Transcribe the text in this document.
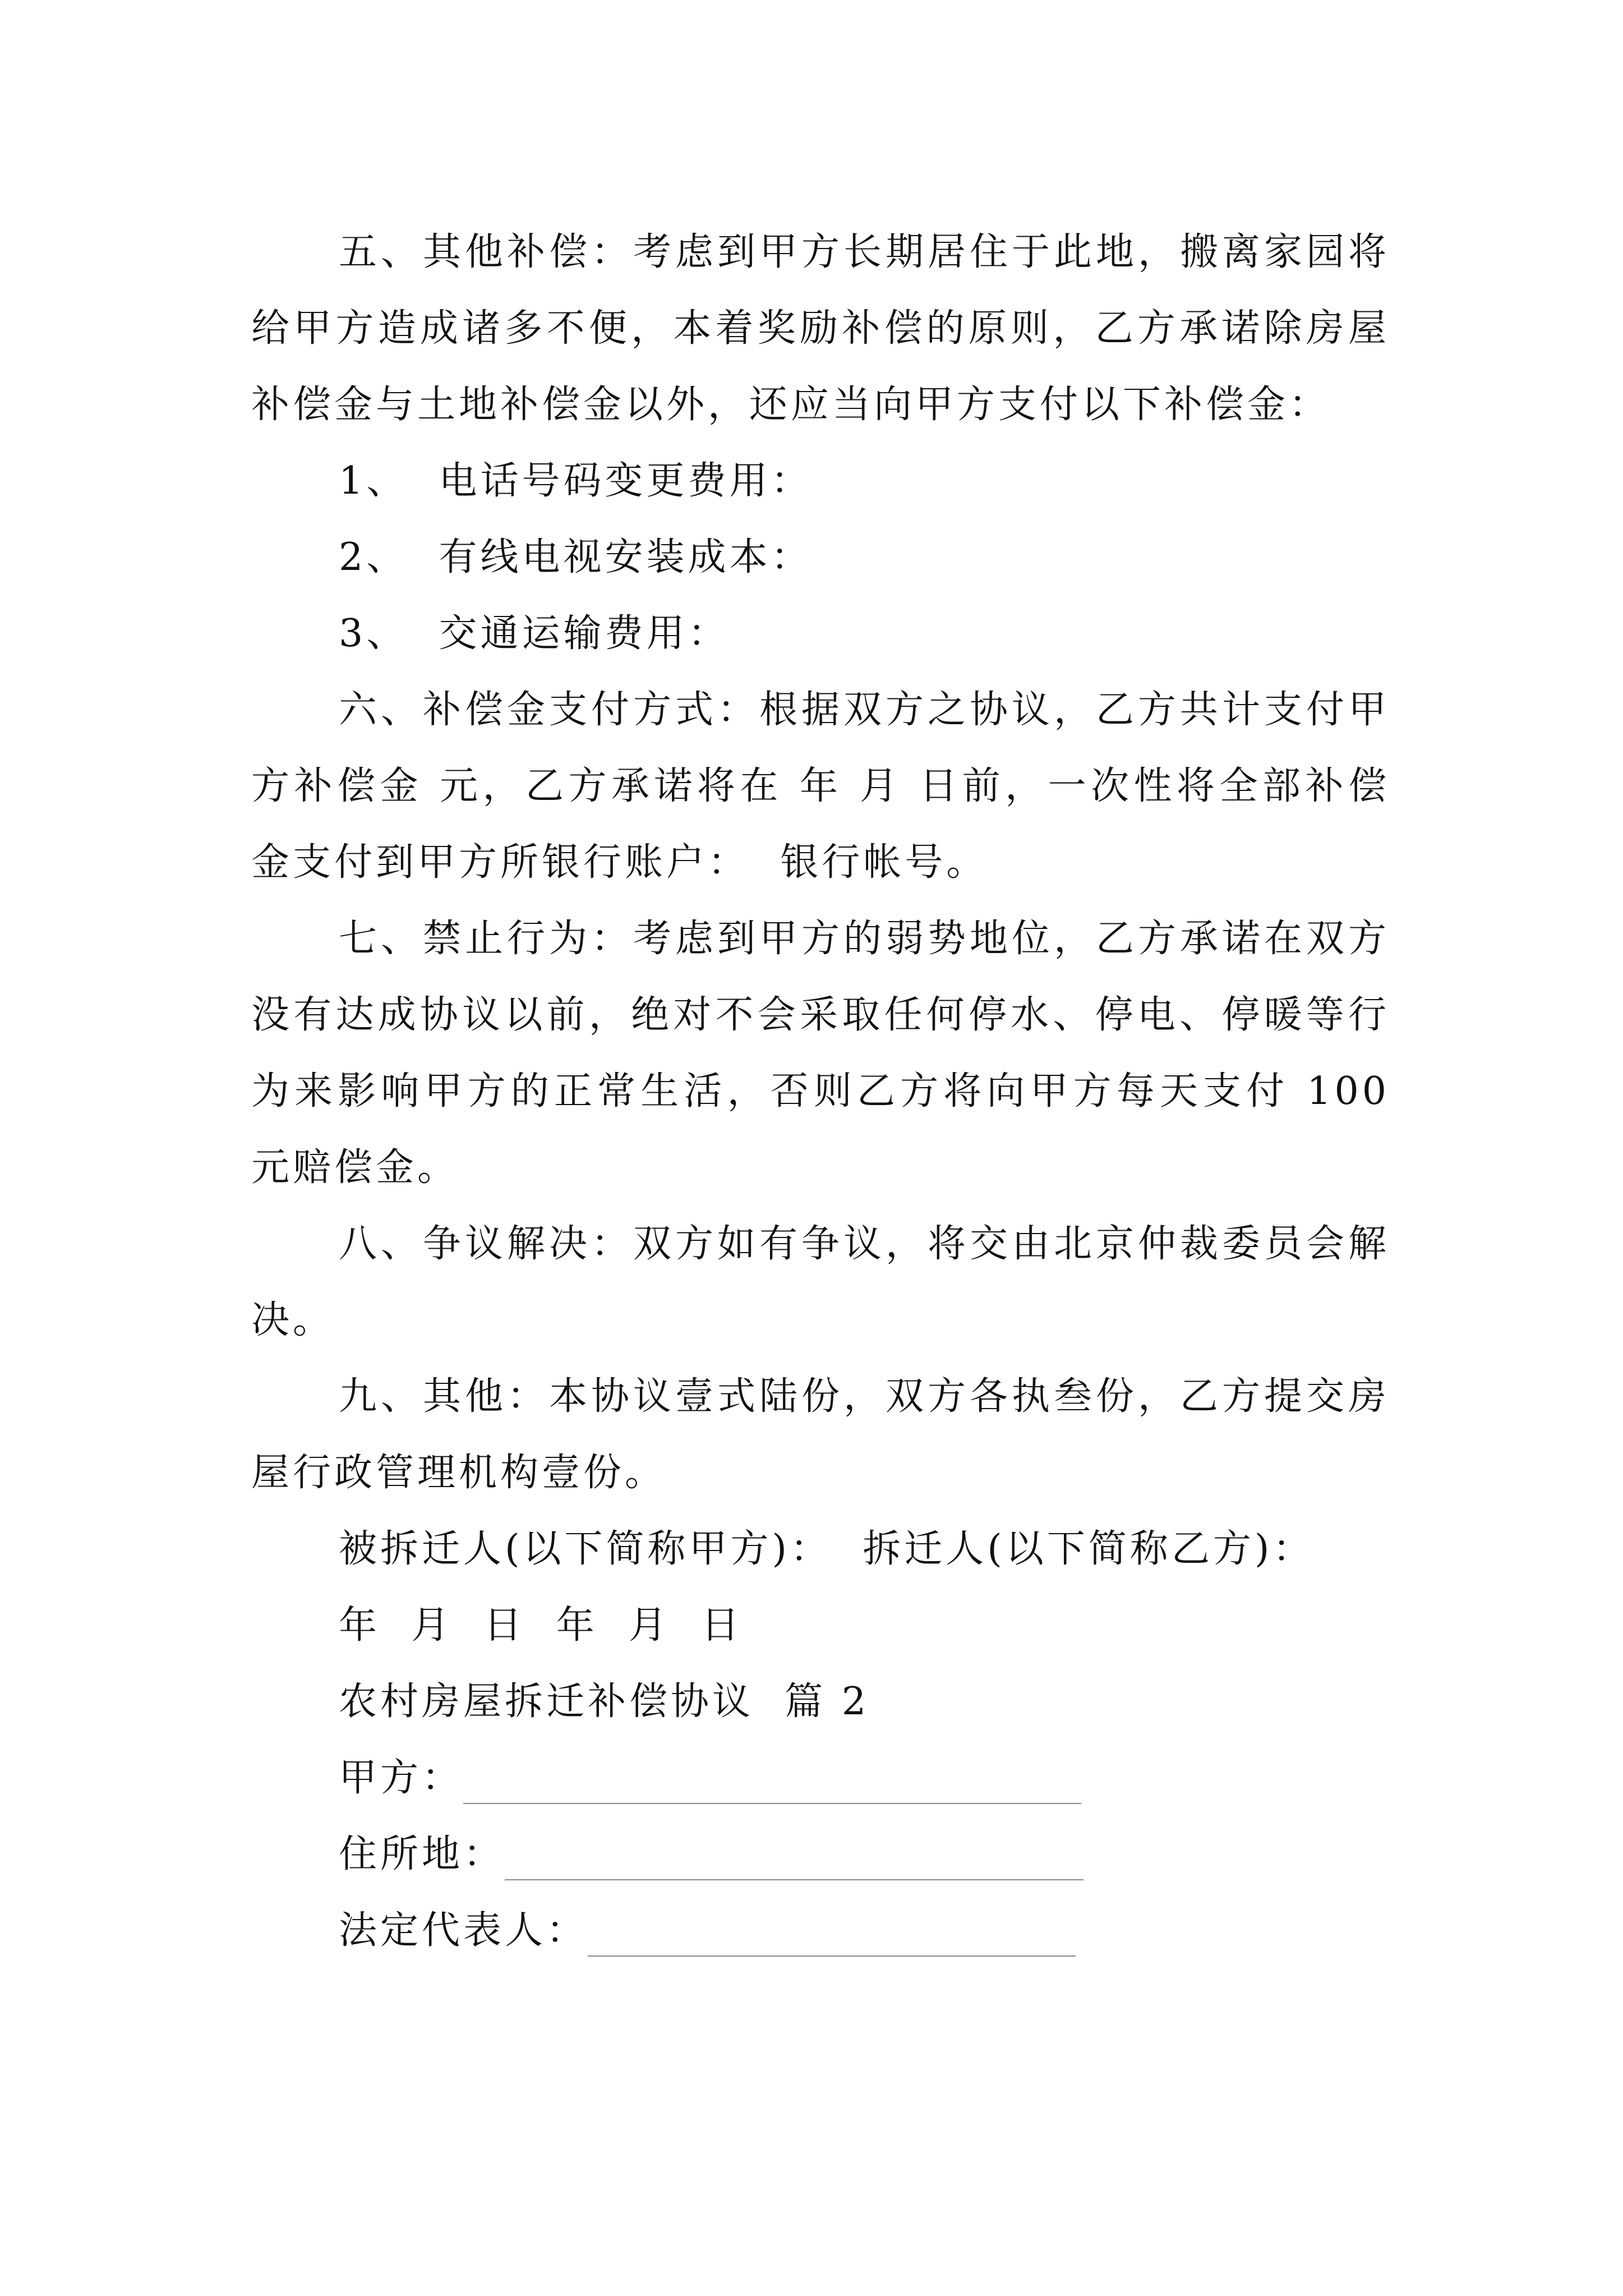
五、其他补偿：考虑到甲方长期居住于此地，搬离家园将给甲方造成诸多不便，本着奖励补偿的原则，乙方承诺除房屋补偿金与土地补偿金以外，还应当向甲方支付以下补偿金：

1、  电话号码变更费用：

2、  有线电视安装成本：

3、  交通运输费用：

六、补偿金支付方式：根据双方之协议，乙方共计支付甲方补偿金 元，乙方承诺将在 年 月 日前，一次性将全部补偿金支付到甲方所银行账户：  银行帐号。

七、禁止行为：考虑到甲方的弱势地位，乙方承诺在双方没有达成协议以前，绝对不会采取任何停水、停电、停暖等行为来影响甲方的正常生活，否则乙方将向甲方每天支付 100 元赔偿金。

八、争议解决：双方如有争议，将交由北京仲裁委员会解决。

九、其他：本协议壹式陆份，双方各执叁份，乙方提交房屋行政管理机构壹份。

被拆迁人(以下简称甲方)：  拆迁人(以下简称乙方)：

年  月  日  年  月  日

农村房屋拆迁补偿协议  篇 2

甲方：
住所地：
法定代表人：
